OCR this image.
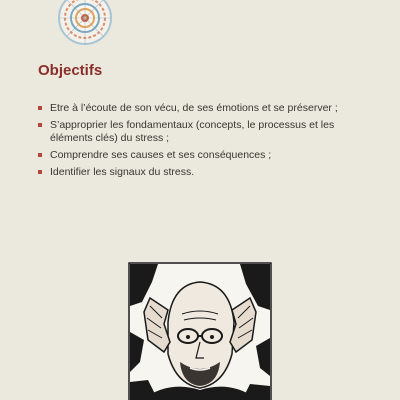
Objectifs
Etre à l’écoute de son vécu, de ses émotions et se préserver ;
S’approprier les fondamentaux (concepts, le processus et les éléments clés) du stress ;
Comprendre ses causes et ses conséquences ;
Identifier les signaux du stress.
